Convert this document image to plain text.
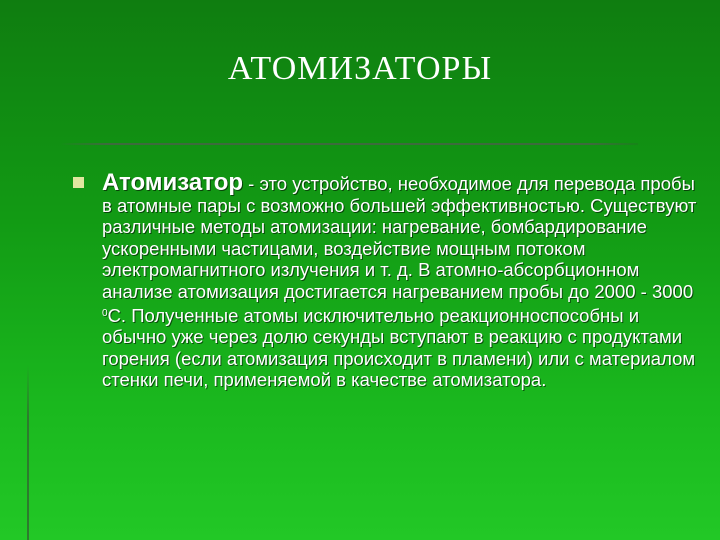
АТОМИЗАТОРЫ
Атомизатор - это устройство, необходимое для перевода пробы в атомные пары с возможно большей эффективностью. Существуют различные методы атомизации: нагревание, бомбардирование ускоренными частицами, воздействие мощным потоком электромагнитного излучения и т. д. В атомно-абсорбционном анализе атомизация достигается нагреванием пробы до 2000 - 3000 $^0$С. Полученные атомы исключительно реакционноспособны и обычно уже через долю секунды вступают в реакцию с продуктами горения (если атомизация происходит в пламени) или с материалом стенки печи, применяемой в качестве атомизатора.
